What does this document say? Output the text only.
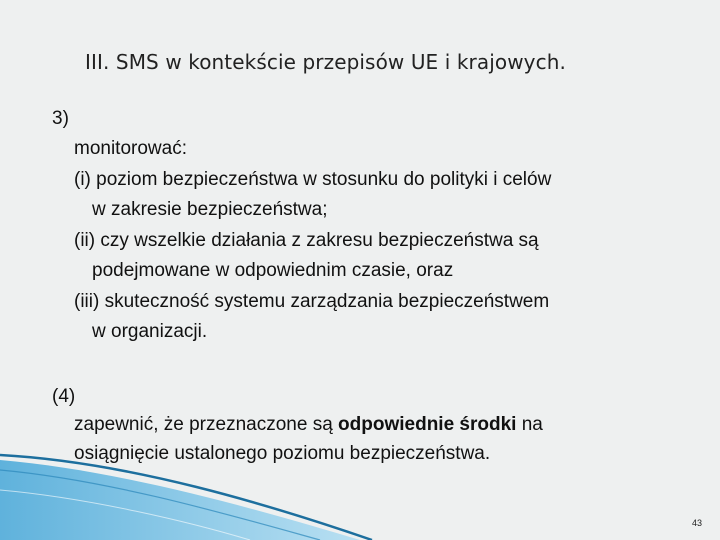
III. SMS w kontekście przepisów UE i krajowych.
3)
monitorować:
(i) poziom bezpieczeństwa w stosunku do polityki i celów
w zakresie bezpieczeństwa;
(ii) czy wszelkie działania z zakresu bezpieczeństwa są
podejmowane w odpowiednim czasie, oraz
(iii) skuteczność systemu zarządzania bezpieczeństwem
w organizacji.
(4)
zapewnić, że przeznaczone są odpowiednie środki na
osiągnięcie ustalonego poziomu bezpieczeństwa.
43
